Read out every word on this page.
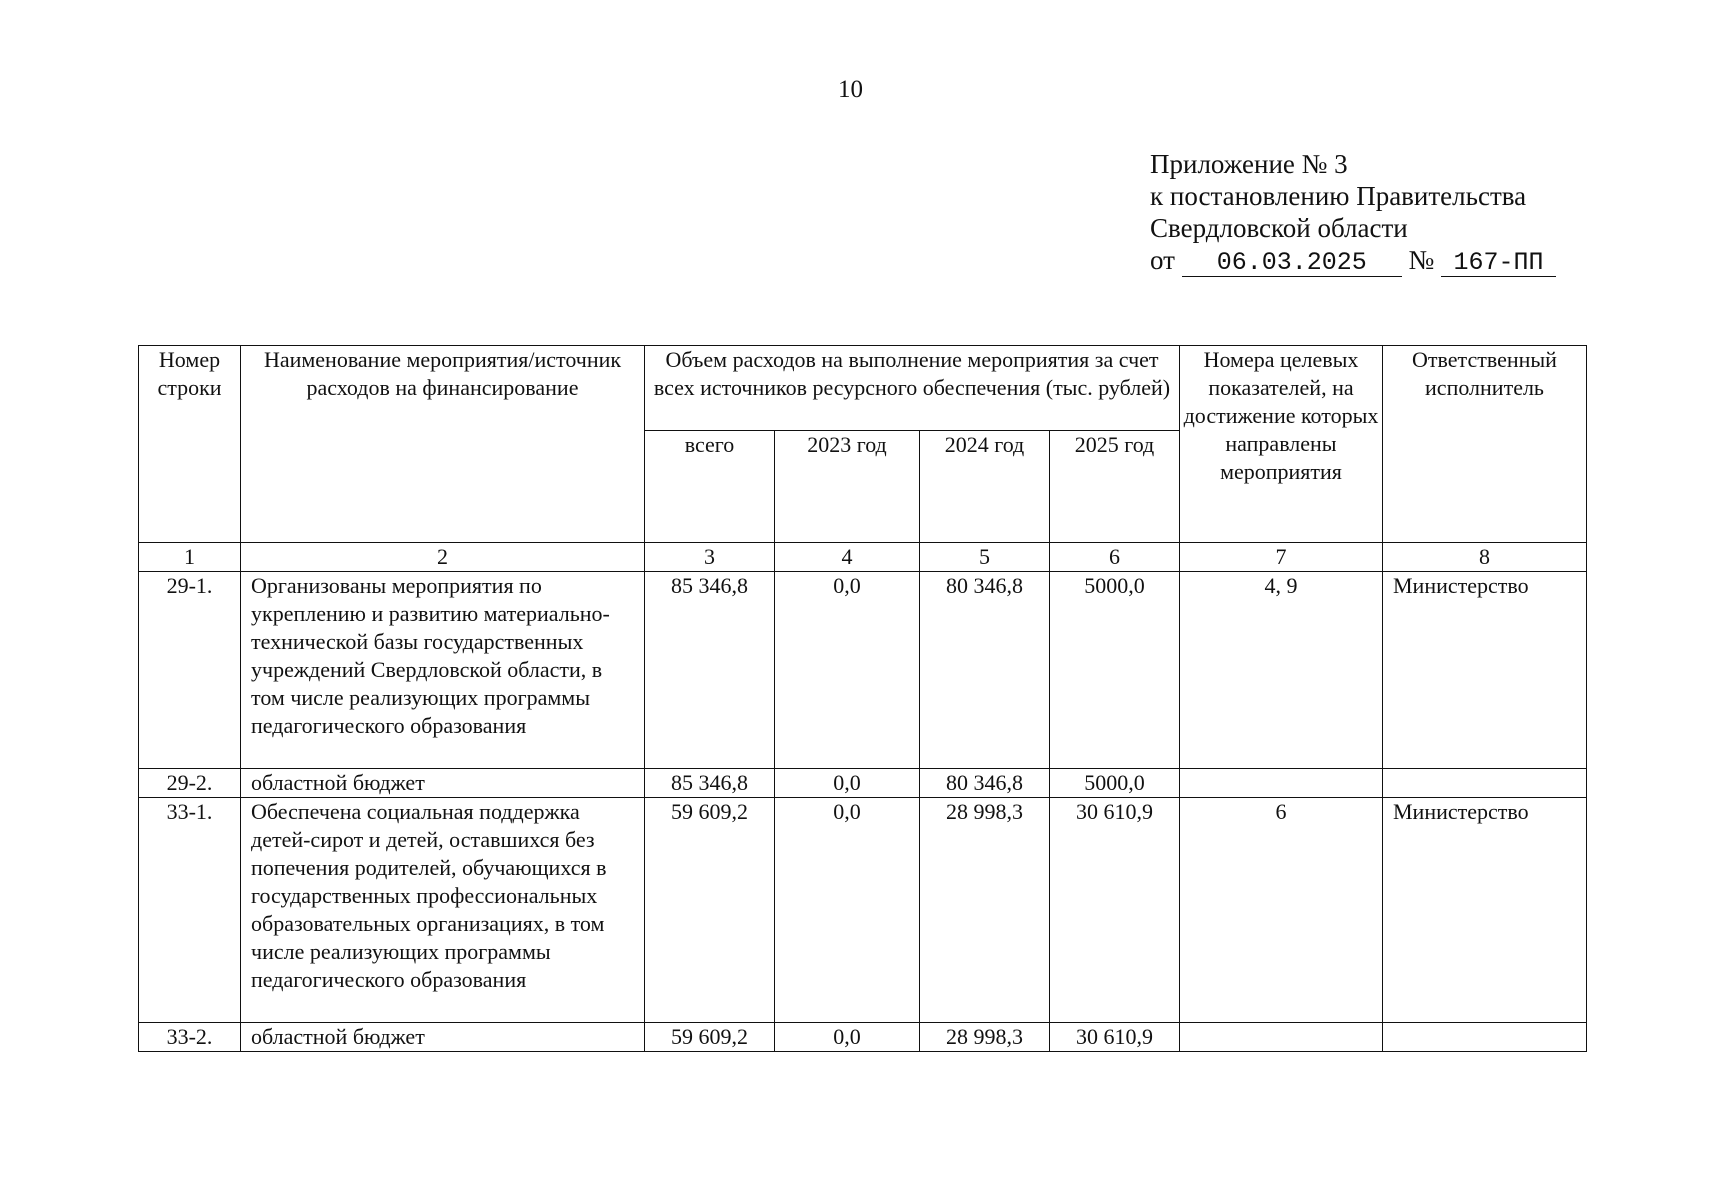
10
Приложение № 3
к постановлению Правительства
Свердловской области
от 06.03.2025 № 167-ПП
Номер строки	Наименование мероприятия/источник расходов на финансирование	Объем расходов на выполнение мероприятия за счет всех источников ресурсного обеспечения (тыс. рублей)				Номера целевых показателей, на достижение которых направлены мероприятия	Ответственный исполнитель
		всего	2023 год	2024 год	2025 год		
1	2	3	4	5	6	7	8
29-1.	Организованы мероприятия по укреплению и развитию материально-технической базы государственных учреждений Свердловской области, в том числе реализующих программы педагогического образования	85 346,8	0,0	80 346,8	5000,0	4, 9	Министерство
29-2.	областной бюджет	85 346,8	0,0	80 346,8	5000,0		
33-1.	Обеспечена социальная поддержка детей-сирот и детей, оставшихся без попечения родителей, обучающихся в государственных профессиональных образовательных организациях, в том числе реализующих программы педагогического образования	59 609,2	0,0	28 998,3	30 610,9	6	Министерство
33-2.	областной бюджет	59 609,2	0,0	28 998,3	30 610,9		
